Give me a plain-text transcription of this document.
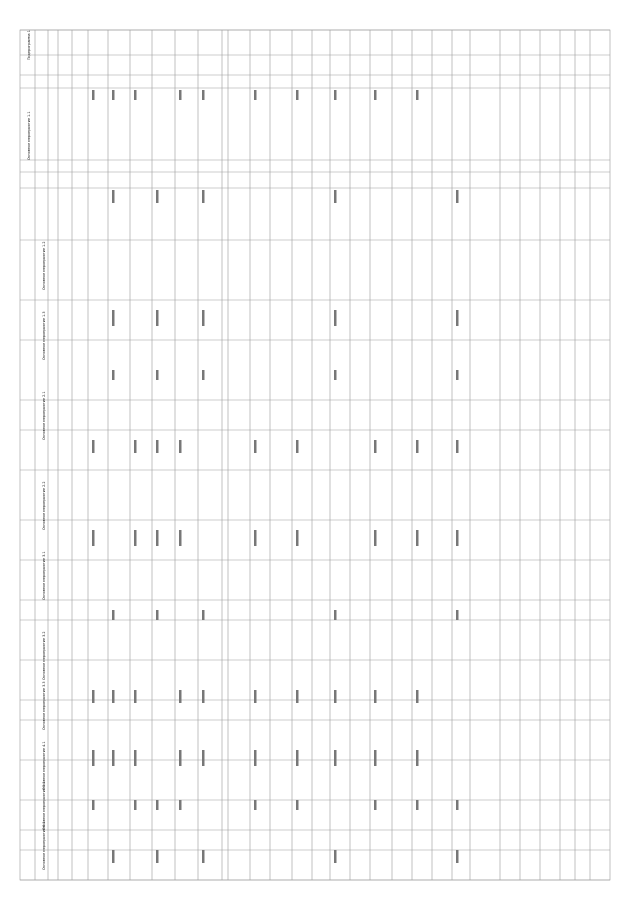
Подпрограмма 1
Основное мероприятие 1.1
Основное мероприятие 1.2
Основное мероприятие 1.3
Основное мероприятие 2.1
Основное мероприятие 2.2
Основное мероприятие 3.1
Основное мероприятие 3.2
Основное мероприятие 3.3
Основное мероприятие 4.1
Основное мероприятие 5.1
Основное мероприятие 6.1
